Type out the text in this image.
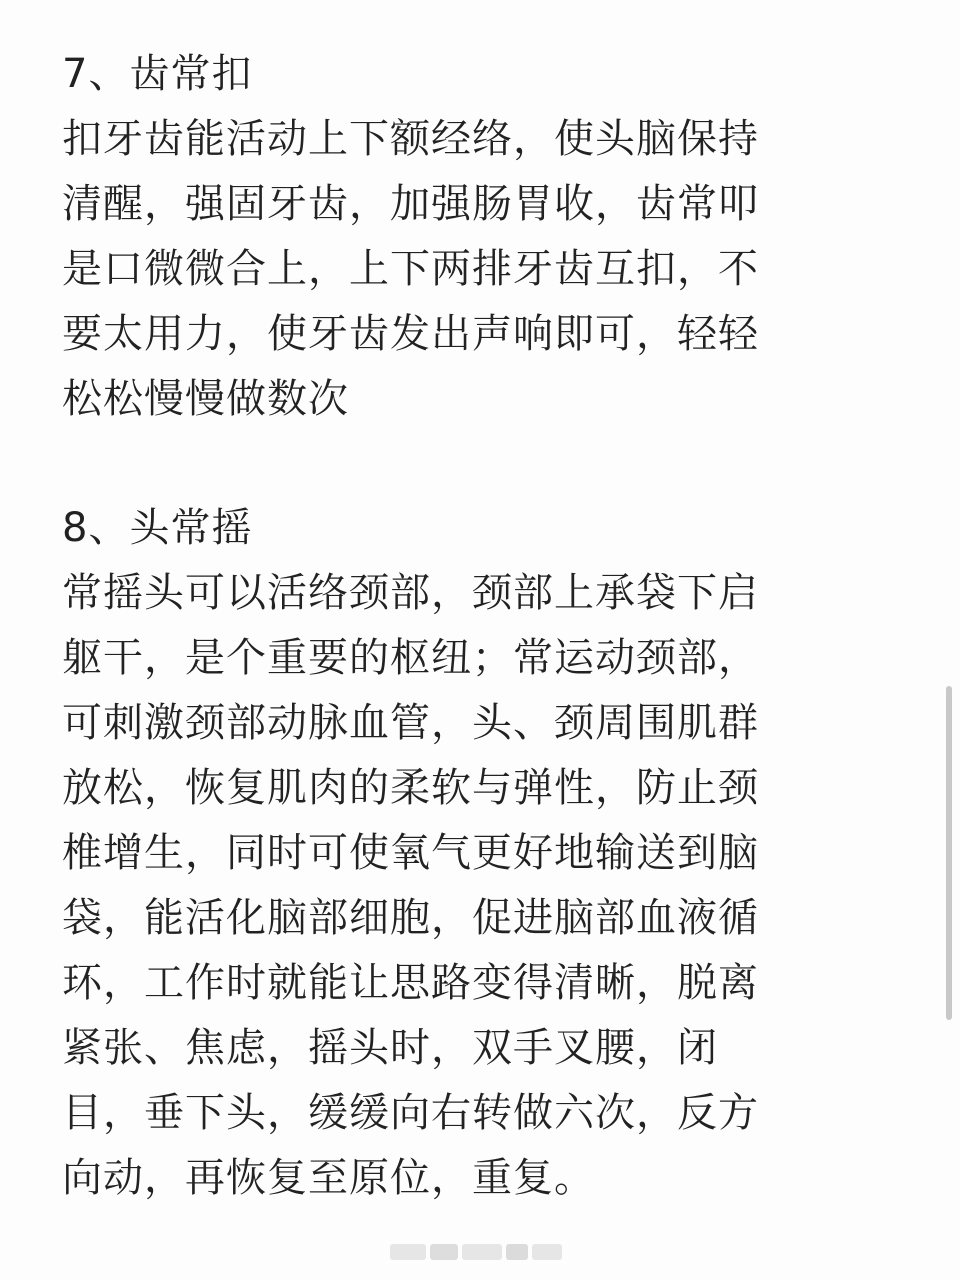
7、齿常扣

扣牙齿能活动上下额经络，使头脑保持
清醒，强固牙齿，加强肠胃收，齿常叩
是口微微合上，上下两排牙齿互扣，不
要太用力，使牙齿发出声响即可，轻轻
松松慢慢做数次

8、头常摇

常摇头可以活络颈部，颈部上承袋下启
躯干，是个重要的枢纽；常运动颈部，
可刺激颈部动脉血管，头、颈周围肌群
放松，恢复肌肉的柔软与弹性，防止颈
椎增生，同时可使氧气更好地输送到脑
袋，能活化脑部细胞，促进脑部血液循
环，工作时就能让思路变得清晰，脱离
紧张、焦虑，摇头时，双手叉腰，闭
目，垂下头，缓缓向右转做六次，反方
向动，再恢复至原位，重复。
